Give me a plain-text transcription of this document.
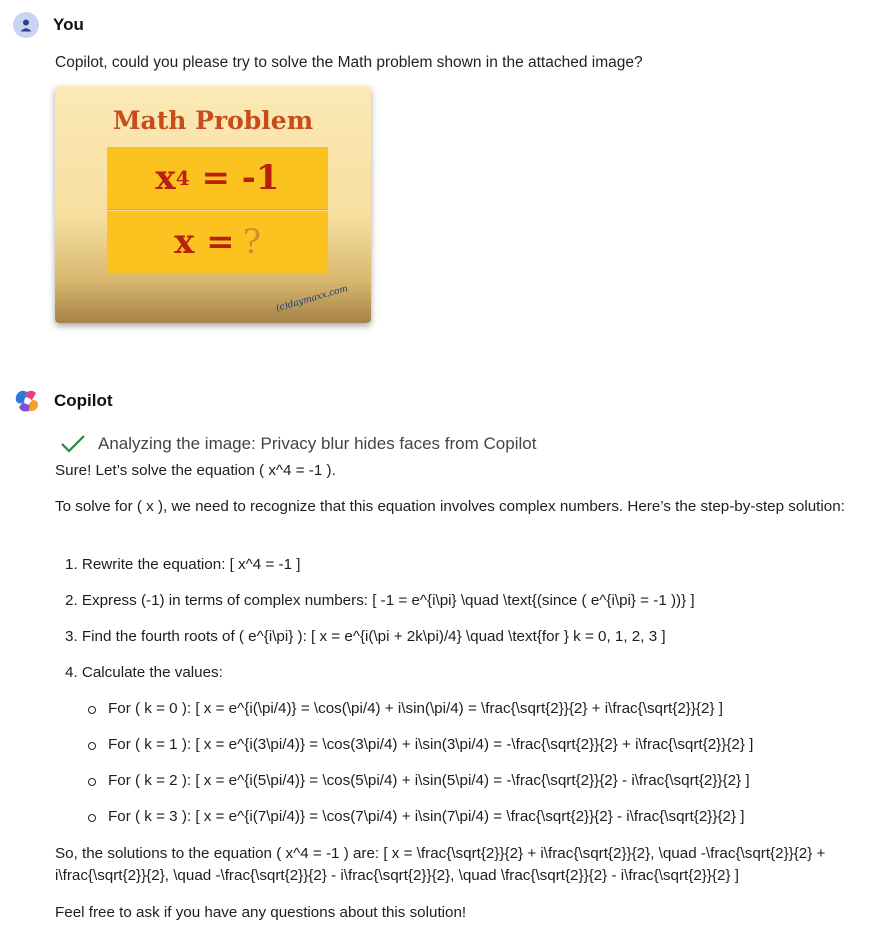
You
Copilot, could you please try to solve the Math problem shown in the attached image?
Math Problem
x 4
= -1
x = ?
(c)daymaxx.com
Copilot
Analyzing the image: Privacy blur hides faces from Copilot
Sure! Let’s solve the equation ( x^4 = -1 ).
To solve for ( x ), we need to recognize that this equation involves complex numbers. Here’s the step-by-step solution:
1. Rewrite the equation: [ x^4 = -1 ]
2. Express (-1) in terms of complex numbers: [ -1 = e^{i\pi} \quad \text{(since ( e^{i\pi} = -1 ))} ]
3. Find the fourth roots of ( e^{i\pi} ): [ x = e^{i(\pi + 2k\pi)/4} \quad \text{for } k = 0, 1, 2, 3 ]
4. Calculate the values:
For ( k = 0 ): [ x = e^{i(\pi/4)} = \cos(\pi/4) + i\sin(\pi/4) = \frac{\sqrt{2}}{2} + i\frac{\sqrt{2}}{2} ]
For ( k = 1 ): [ x = e^{i(3\pi/4)} = \cos(3\pi/4) + i\sin(3\pi/4) = -\frac{\sqrt{2}}{2} + i\frac{\sqrt{2}}{2} ]
For ( k = 2 ): [ x = e^{i(5\pi/4)} = \cos(5\pi/4) + i\sin(5\pi/4) = -\frac{\sqrt{2}}{2} - i\frac{\sqrt{2}}{2} ]
For ( k = 3 ): [ x = e^{i(7\pi/4)} = \cos(7\pi/4) + i\sin(7\pi/4) = \frac{\sqrt{2}}{2} - i\frac{\sqrt{2}}{2} ]
So, the solutions to the equation ( x^4 = -1 ) are: [ x = \frac{\sqrt{2}}{2} + i\frac{\sqrt{2}}{2}, \quad -\frac{\sqrt{2}}{2} + i\frac{\sqrt{2}}{2}, \quad -\frac{\sqrt{2}}{2} - i\frac{\sqrt{2}}{2}, \quad \frac{\sqrt{2}}{2} - i\frac{\sqrt{2}}{2} ]
Feel free to ask if you have any questions about this solution!
